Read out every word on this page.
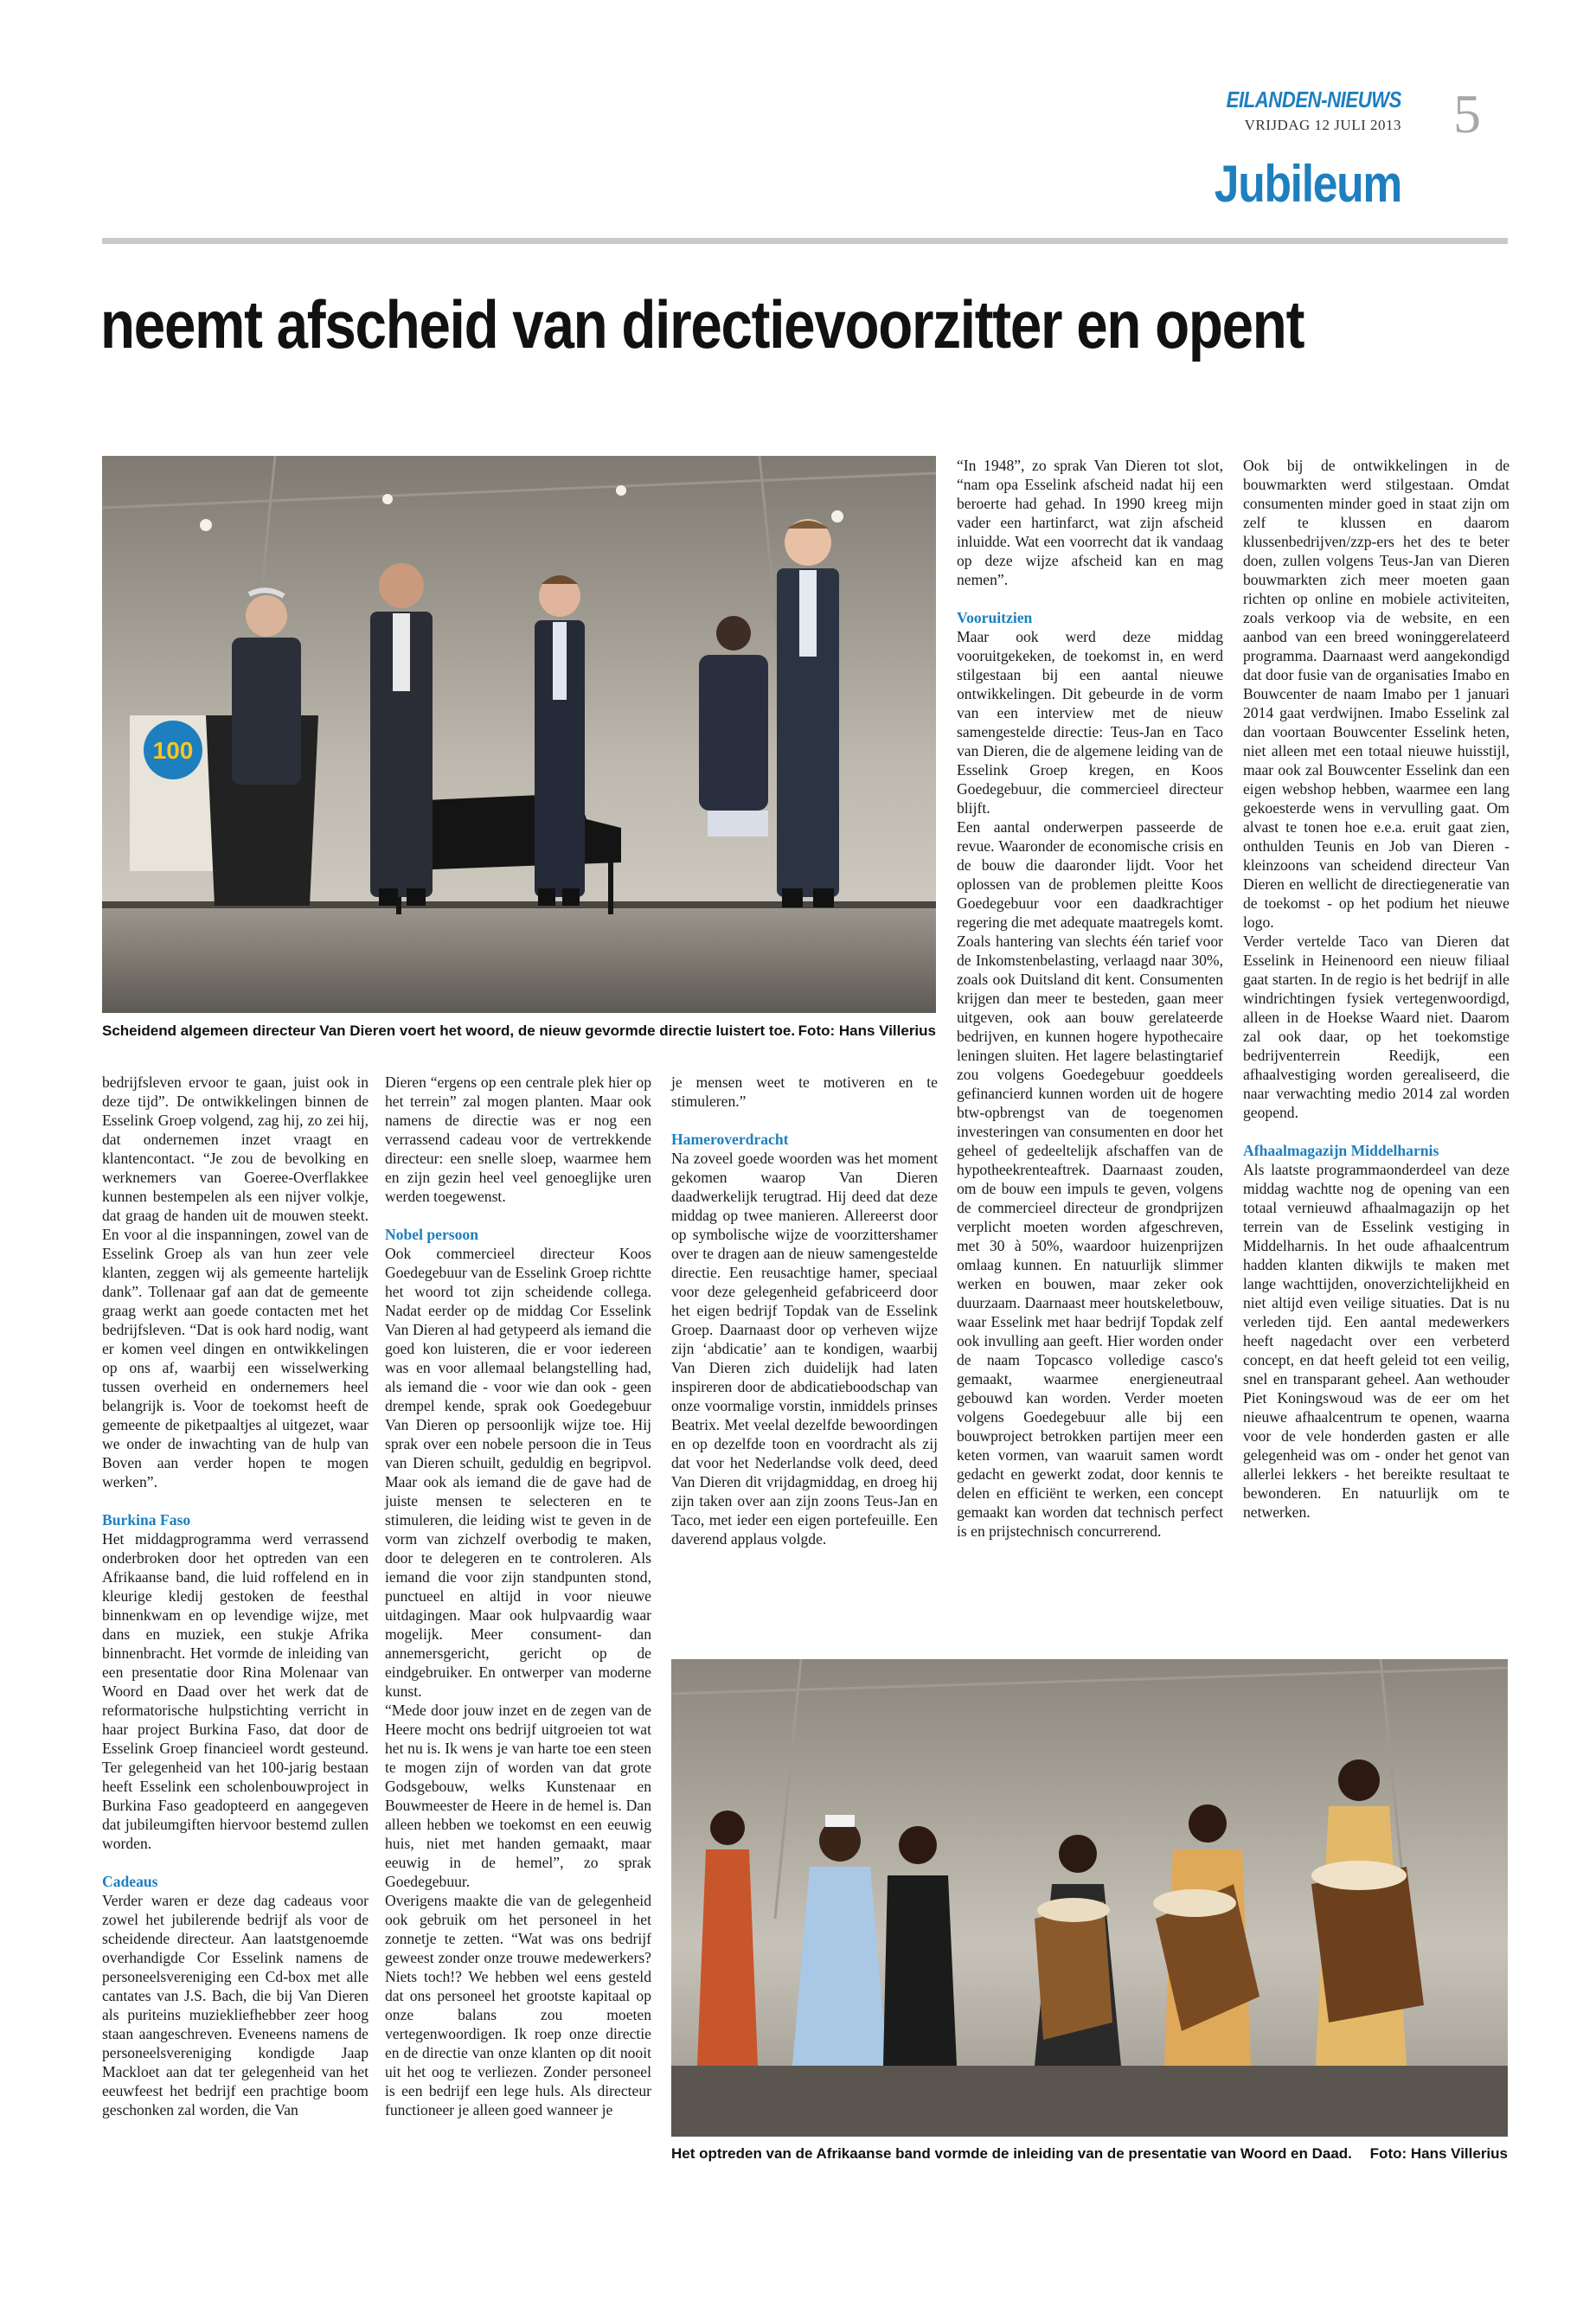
EILANDEN-NIEUWS
VRIJDAG 12 JULI 2013 5
Jubileum
neemt afscheid van directievoorzitter en opent
100
Scheidend algemeen directeur Van Dieren voert het woord, de nieuw gevormde directie luistert toe. Foto: Hans Villerius

bedrijfsleven ervoor te gaan, juist ook in deze tijd”. De ontwikkelingen binnen de Esselink Groep volgend, zag hij, zo zei hij, dat ondernemen inzet vraagt en klantencontact. “Je zou de bevolking en werknemers van Goeree-Overflakkee kunnen bestempelen als een nijver volkje, dat graag de handen uit de mouwen steekt. En voor al die inspanningen, zowel van de Esselink Groep als van hun zeer vele klanten, zeggen wij als gemeente hartelijk dank”. Tollenaar gaf aan dat de gemeente graag werkt aan goede contacten met het bedrijfsleven. “Dat is ook hard nodig, want er komen veel dingen en ontwikkelingen op ons af, waarbij een wisselwerking tussen overheid en ondernemers heel belangrijk is. Voor de toekomst heeft de gemeente de piketpaaltjes al uitgezet, waar we onder de inwachting van de hulp van Boven aan verder hopen te mogen werken”.

Burkina Faso

Het middagprogramma werd verrassend onderbroken door het optreden van een Afrikaanse band, die luid roffelend en in kleurige kledij gestoken de feesthal binnenkwam en op levendige wijze, met dans en muziek, een stukje Afrika binnenbracht. Het vormde de inleiding van een presentatie door Rina Molenaar van Woord en Daad over het werk dat de reformatorische hulpstichting verricht in haar project Burkina Faso, dat door de Esselink Groep financieel wordt gesteund. Ter gelegenheid van het 100-jarig bestaan heeft Esselink een scholenbouwproject in Burkina Faso geadopteerd en aangegeven dat jubileumgiften hiervoor bestemd zullen worden.

Cadeaus

Verder waren er deze dag cadeaus voor zowel het jubilerende bedrijf als voor de scheidende directeur. Aan laatstgenoemde overhandigde Cor Esselink namens de personeelsvereniging een Cd-box met alle cantates van J.S. Bach, die bij Van Dieren als puriteins muziekliefhebber zeer hoog staan aangeschreven. Eveneens namens de personeelsvereniging kondigde Jaap Mackloet aan dat ter gelegenheid van het eeuwfeest het bedrijf een prachtige boom geschonken zal worden, die Van

Dieren “ergens op een centrale plek hier op het terrein” zal mogen planten. Maar ook namens de directie was er nog een verrassend cadeau voor de vertrekkende directeur: een snelle sloep, waarmee hem en zijn gezin heel veel genoeglijke uren werden toegewenst.

Nobel persoon

Ook commercieel directeur Koos Goedegebuur van de Esselink Groep richtte het woord tot zijn scheidende collega. Nadat eerder op de middag Cor Esselink Van Dieren al had getypeerd als iemand die goed kon luisteren, die er voor iedereen was en voor allemaal belangstelling had, als iemand die - voor wie dan ook - geen drempel kende, sprak ook Goedegebuur Van Dieren op persoonlijk wijze toe. Hij sprak over een nobele persoon die in Teus van Dieren schuilt, geduldig en begripvol. Maar ook als iemand die de gave had de juiste mensen te selecteren en te stimuleren, die leiding wist te geven in de vorm van zichzelf overbodig te maken, door te delegeren en te controleren. Als iemand die voor zijn standpunten stond, punctueel en altijd in voor nieuwe uitdagingen. Maar ook hulpvaardig waar mogelijk. Meer consument- dan annemersgericht, gericht op de eindgebruiker. En ontwerper van moderne kunst.

“Mede door jouw inzet en de zegen van de Heere mocht ons bedrijf uitgroeien tot wat het nu is. Ik wens je van harte toe een steen te mogen zijn of worden van dat grote Godsgebouw, welks Kunstenaar en Bouwmeester de Heere in de hemel is. Dan alleen hebben we toekomst en een eeuwig huis, niet met handen gemaakt, maar eeuwig in de hemel”, zo sprak Goedegebuur.

Overigens maakte die van de gelegenheid ook gebruik om het personeel in het zonnetje te zetten. “Wat was ons bedrijf geweest zonder onze trouwe medewerkers? Niets toch!? We hebben wel eens gesteld dat ons personeel het grootste kapitaal op onze balans zou moeten vertegenwoordigen. Ik roep onze directie en de directie van onze klanten op dit nooit uit het oog te verliezen. Zonder personeel is een bedrijf een lege huls. Als directeur functioneer je alleen goed wanneer je

je mensen weet te motiveren en te stimuleren.”

Hameroverdracht

Na zoveel goede woorden was het moment gekomen waarop Van Dieren daadwerkelijk terugtrad. Hij deed dat deze middag op twee manieren. Allereerst door op symbolische wijze de voorzittershamer over te dragen aan de nieuw samengestelde directie. Een reusachtige hamer, speciaal voor deze gelegenheid gefabriceerd door het eigen bedrijf Topdak van de Esselink Groep. Daarnaast door op verheven wijze zijn ‘abdicatie’ aan te kondigen, waarbij Van Dieren zich duidelijk had laten inspireren door de abdicatieboodschap van onze voormalige vorstin, inmiddels prinses Beatrix. Met veelal dezelfde bewoordingen en op dezelfde toon en voordracht als zij dat voor het Nederlandse volk deed, deed Van Dieren dit vrijdagmiddag, en droeg hij zijn taken over aan zijn zoons Teus-Jan en Taco, met ieder een eigen portefeuille. Een daverend applaus volgde.

“In 1948”, zo sprak Van Dieren tot slot, “nam opa Esselink afscheid nadat hij een beroerte had gehad. In 1990 kreeg mijn vader een hartinfarct, wat zijn afscheid inluidde. Wat een voorrecht dat ik vandaag op deze wijze afscheid kan en mag nemen”.

Vooruitzien

Maar ook werd deze middag vooruitgekeken, de toekomst in, en werd stilgestaan bij een aantal nieuwe ontwikkelingen. Dit gebeurde in de vorm van een interview met de nieuw samengestelde directie: Teus-Jan en Taco van Dieren, die de algemene leiding van de Esselink Groep kregen, en Koos Goedegebuur, die commercieel directeur blijft.

Een aantal onderwerpen passeerde de revue. Waaronder de economische crisis en de bouw die daaronder lijdt. Voor het oplossen van de problemen pleitte Koos Goedegebuur voor een daadkrachtiger regering die met adequate maatregels komt. Zoals hantering van slechts één tarief voor de Inkomstenbelasting, verlaagd naar 30%, zoals ook Duitsland dit kent. Consumenten krijgen dan meer te besteden, gaan meer uitgeven, ook aan bouw gerelateerde bedrijven, en kunnen hogere hypothecaire leningen sluiten. Het lagere belastingtarief zou volgens Goedegebuur goeddeels gefinancierd kunnen worden uit de hogere btw-opbrengst van de toegenomen investeringen van consumenten en door het geheel of gedeeltelijk afschaffen van de hypotheekrenteaftrek. Daarnaast zouden, om de bouw een impuls te geven, volgens de commercieel directeur de grondprijzen verplicht moeten worden afgeschreven, met 30 à 50%, waardoor huizenprijzen omlaag kunnen. En natuurlijk slimmer werken en bouwen, maar zeker ook duurzaam. Daarnaast meer houtskeletbouw, waar Esselink met haar bedrijf Topdak zelf ook invulling aan geeft. Hier worden onder de naam Topcasco volledige casco's gemaakt, waarmee energieneutraal gebouwd kan worden. Verder moeten volgens Goedegebuur alle bij een bouwproject betrokken partijen meer een keten vormen, van waaruit samen wordt gedacht en gewerkt zodat, door kennis te delen en efficiënt te werken, een concept gemaakt kan worden dat technisch perfect is en prijstechnisch concurrerend.

Ook bij de ontwikkelingen in de bouwmarkten werd stilgestaan. Omdat consumenten minder goed in staat zijn om zelf te klussen en daarom klussenbedrijven/zzp-ers het des te beter doen, zullen volgens Teus-Jan van Dieren bouwmarkten zich meer moeten gaan richten op online en mobiele activiteiten, zoals verkoop via de website, en een aanbod van een breed woninggerelateerd programma. Daarnaast werd aangekondigd dat door fusie van de organisaties Imabo en Bouwcenter de naam Imabo per 1 januari 2014 gaat verdwijnen. Imabo Esselink zal dan voortaan Bouwcenter Esselink heten, niet alleen met een totaal nieuwe huisstijl, maar ook zal Bouwcenter Esselink dan een eigen webshop hebben, waarmee een lang gekoesterde wens in vervulling gaat. Om alvast te tonen hoe e.e.a. eruit gaat zien, onthulden Teunis en Job van Dieren - kleinzoons van scheidend directeur Van Dieren en wellicht de directiegeneratie van de toekomst - op het podium het nieuwe logo.

Verder vertelde Taco van Dieren dat Esselink in Heinenoord een nieuw filiaal gaat starten. In de regio is het bedrijf in alle windrichtingen fysiek vertegenwoordigd, alleen in de Hoekse Waard niet. Daarom zal ook daar, op het toekomstige bedrijventerrein Reedijk, een afhaalvestiging worden gerealiseerd, die naar verwachting medio 2014 zal worden geopend.

Afhaalmagazijn Middelharnis

Als laatste programmaonderdeel van deze middag wachtte nog de opening van een totaal vernieuwd afhaalmagazijn op het terrein van de Esselink vestiging in Middelharnis. In het oude afhaalcentrum hadden klanten dikwijls te maken met lange wachttijden, onoverzichtelijkheid en niet altijd even veilige situaties. Dat is nu verleden tijd. Een aantal medewerkers heeft nagedacht over een verbeterd concept, en dat heeft geleid tot een veilig, snel en transparant geheel. Aan wethouder Piet Koningswoud was de eer om het nieuwe afhaalcentrum te openen, waarna voor de vele honderden gasten er alle gelegenheid was om - onder het genot van allerlei lekkers - het bereikte resultaat te bewonderen. En natuurlijk om te netwerken.

Het optreden van de Afrikaanse band vormde de inleiding van de presentatie van Woord en Daad. Foto: Hans Villerius
